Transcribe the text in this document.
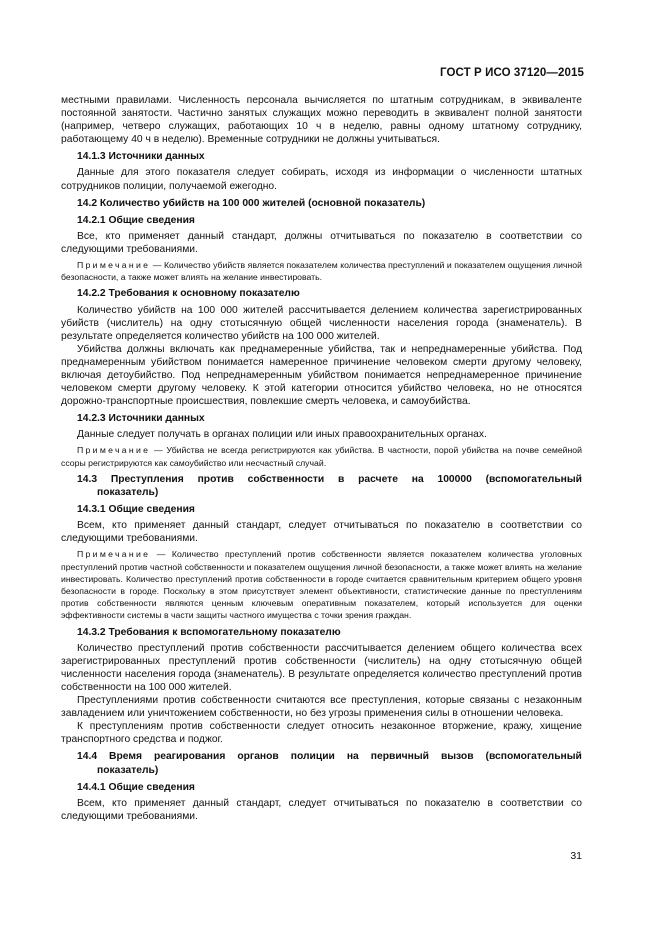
ГОСТ Р ИСО 37120—2015

местными правилами. Численность персонала вычисляется по штатным сотрудникам, в эквиваленте постоянной занятости. Частично занятых служащих можно переводить в эквивалент полной занятости (например, четверо служащих, работающих 10 ч в неделю, равны одному штатному сотруднику, работающему 40 ч в неделю). Временные сотрудники не должны учитываться.

14.1.3 Источники данных

Данные для этого показателя следует собирать, исходя из информации о численности штатных сотрудников полиции, получаемой ежегодно.

14.2 Количество убийств на 100 000 жителей (основной показатель)

14.2.1 Общие сведения

Все, кто применяет данный стандарт, должны отчитываться по показателю в соответствии со следующими требованиями.

Примечание — Количество убийств является показателем количества преступлений и показателем ощущения личной безопасности, а также может влиять на желание инвестировать.

14.2.2 Требования к основному показателю

Количество убийств на 100 000 жителей рассчитывается делением количества зарегистрированных убийств (числитель) на одну стотысячную общей численности населения города (знаменатель). В результате определяется количество убийств на 100 000 жителей.

Убийства должны включать как преднамеренные убийства, так и непреднамеренные убийства. Под преднамеренным убийством понимается намеренное причинение человеком смерти другому человеку, включая детоубийство. Под непреднамеренным убийством понимается непреднамеренное причинение человеком смерти другому человеку. К этой категории относится убийство человека, но не относятся дорожно-транспортные происшествия, повлекшие смерть человека, и самоубийства.

14.2.3 Источники данных

Данные следует получать в органах полиции или иных правоохранительных органах.

Примечание — Убийства не всегда регистрируются как убийства. В частности, порой убийства на почве семейной ссоры регистрируются как самоубийство или несчастный случай.

14.3 Преступления против собственности в расчете на 100000 (вспомогательный
показатель)

14.3.1 Общие сведения

Всем, кто применяет данный стандарт, следует отчитываться по показателю в соответствии со следующими требованиями.

Примечание — Количество преступлений против собственности является показателем количества уголовных преступлений против частной собственности и показателем ощущения личной безопасности, а также может влиять на желание инвестировать. Количество преступлений против собственности в городе считается сравнительным критерием общего уровня безопасности в городе. Поскольку в этом присутствует элемент объективности, статистические данные по преступлениям против собственности являются ценным ключевым оперативным показателем, который используется для оценки эффективности системы в части защиты частного имущества с точки зрения граждан.

14.3.2 Требования к вспомогательному показателю

Количество преступлений против собственности рассчитывается делением общего количества всех зарегистрированных преступлений против собственности (числитель) на одну стотысячную общей численности населения города (знаменатель). В результате определяется количество преступлений против собственности на 100 000 жителей.

Преступлениями против собственности считаются все преступления, которые связаны с незаконным завладением или уничтожением собственности, но без угрозы применения силы в отношении человека.

К преступлениям против собственности следует относить незаконное вторжение, кражу, хищение транспортного средства и поджог.

14.4 Время реагирования органов полиции на первичный вызов (вспомогательный
показатель)

14.4.1 Общие сведения

Всем, кто применяет данный стандарт, следует отчитываться по показателю в соответствии со следующими требованиями.

31
